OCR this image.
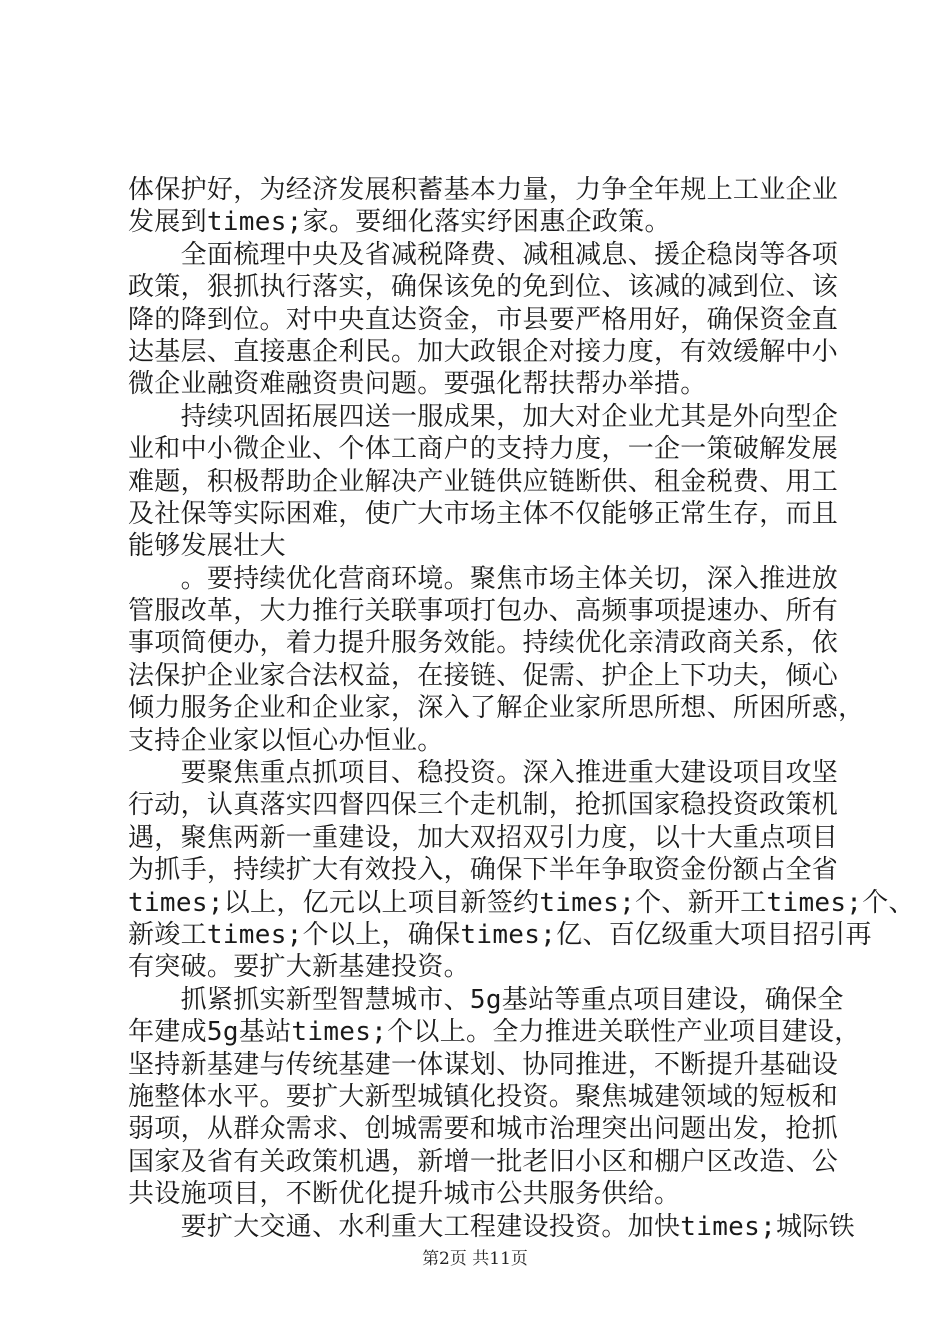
体保护好，为经济发展积蓄基本力量，力争全年规上工业企业
发展到times;家。要细化落实纾困惠企政策。
　　全面梳理中央及省减税降费、减租减息、援企稳岗等各项
政策，狠抓执行落实，确保该免的免到位、该减的减到位、该
降的降到位。对中央直达资金，市县要严格用好，确保资金直
达基层、直接惠企利民。加大政银企对接力度，有效缓解中小
微企业融资难融资贵问题。要强化帮扶帮办举措。
　　持续巩固拓展四送一服成果，加大对企业尤其是外向型企
业和中小微企业、个体工商户的支持力度，一企一策破解发展
难题，积极帮助企业解决产业链供应链断供、租金税费、用工
及社保等实际困难，使广大市场主体不仅能够正常生存，而且
能够发展壮大
　　。要持续优化营商环境。聚焦市场主体关切，深入推进放
管服改革，大力推行关联事项打包办、高频事项提速办、所有
事项简便办，着力提升服务效能。持续优化亲清政商关系，依
法保护企业家合法权益，在接链、促需、护企上下功夫，倾心
倾力服务企业和企业家，深入了解企业家所思所想、所困所惑，
支持企业家以恒心办恒业。
　　要聚焦重点抓项目、稳投资。深入推进重大建设项目攻坚
行动，认真落实四督四保三个走机制，抢抓国家稳投资政策机
遇，聚焦两新一重建设，加大双招双引力度，以十大重点项目
为抓手，持续扩大有效投入，确保下半年争取资金份额占全省
times;以上，亿元以上项目新签约times;个、新开工times;个、
新竣工times;个以上，确保times;亿、百亿级重大项目招引再
有突破。要扩大新基建投资。
　　抓紧抓实新型智慧城市、5g基站等重点项目建设，确保全
年建成5g基站times;个以上。全力推进关联性产业项目建设，
坚持新基建与传统基建一体谋划、协同推进，不断提升基础设
施整体水平。要扩大新型城镇化投资。聚焦城建领域的短板和
弱项，从群众需求、创城需要和城市治理突出问题出发，抢抓
国家及省有关政策机遇，新增一批老旧小区和棚户区改造、公
共设施项目，不断优化提升城市公共服务供给。
　　要扩大交通、水利重大工程建设投资。加快times;城际铁
第2页 共11页
